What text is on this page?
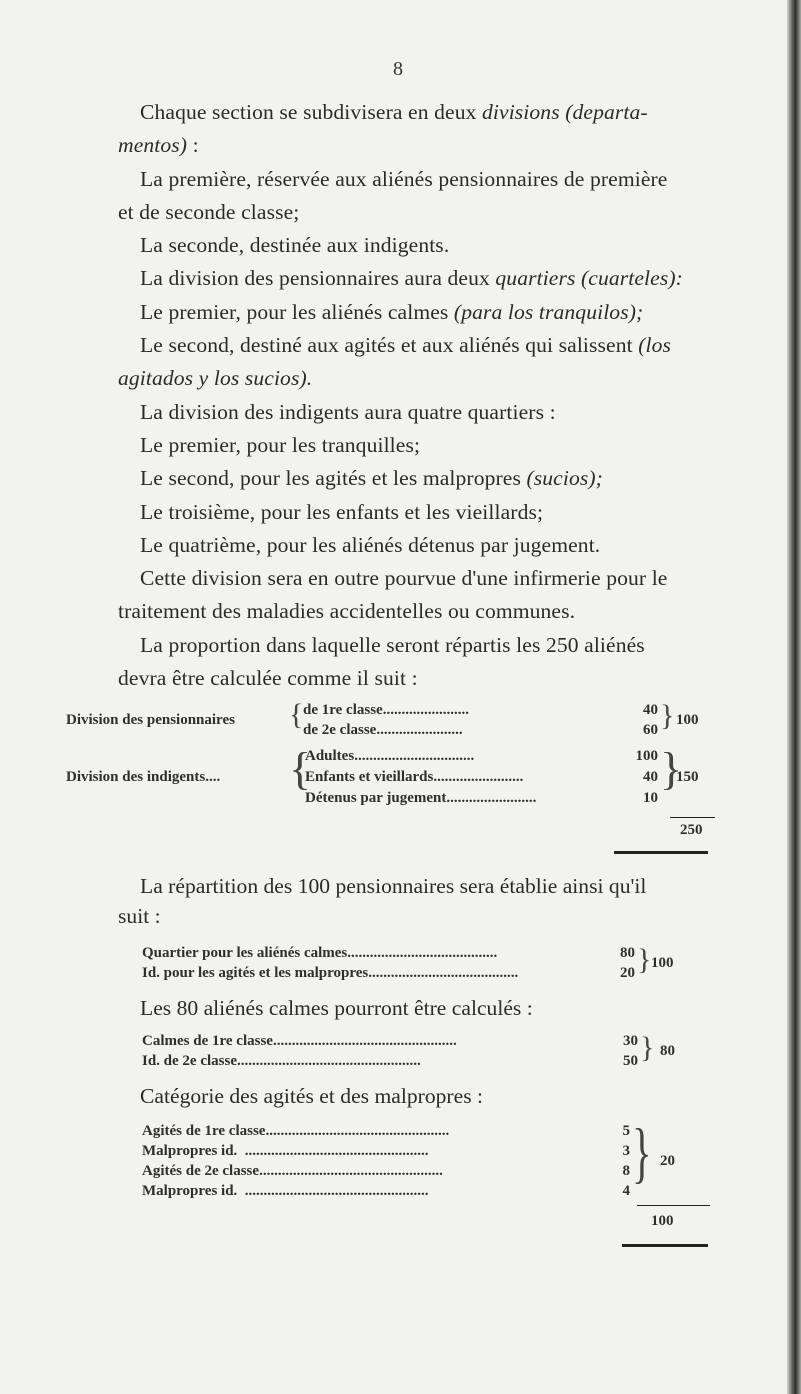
8

Chaque section se subdivisera en deux divisions (departa-

mentos) :

La première, réservée aux aliénés pensionnaires de première

et de seconde classe;

La seconde, destinée aux indigents.

La division des pensionnaires aura deux quartiers (cuarteles):

Le premier, pour les aliénés calmes (para los tranquilos);

Le second, destiné aux agités et aux aliénés qui salissent (los

agitados y los sucios).

La division des indigents aura quatre quartiers :

Le premier, pour les tranquilles;

Le second, pour les agités et les malpropres (sucios);

Le troisième, pour les enfants et les vieillards;

Le quatrième, pour les aliénés détenus par jugement.

Cette division sera en outre pourvue d'une infirmerie pour le

traitement des maladies accidentelles ou communes.

La proportion dans laquelle seront répartis les 250 aliénés

devra être calculée comme il suit :

Division des pensionnaires { de 1re classe.......................
de 2e classe.......................
40
60 } 100
Division des indigents.... {
Adultes................................
Enfants et vieillards........................
Détenus par jugement........................
100
40
10
}
150
250
La répartition des 100 pensionnaires sera établie ainsi qu'il
suit :
Quartier pour les aliénés calmes........................................
Id. pour les agités et les malpropres........................................
80
20 } 100
Les 80 aliénés calmes pourront être calculés :
Calmes de 1re classe.................................................
Id. de 2e classe.................................................
30
50 } 80
Catégorie des agités et des malpropres :
Agités de 1re classe.................................................
Malpropres id.  .................................................
Agités de 2e classe.................................................
Malpropres id.  .................................................
5
3
8
4
} 20
100
